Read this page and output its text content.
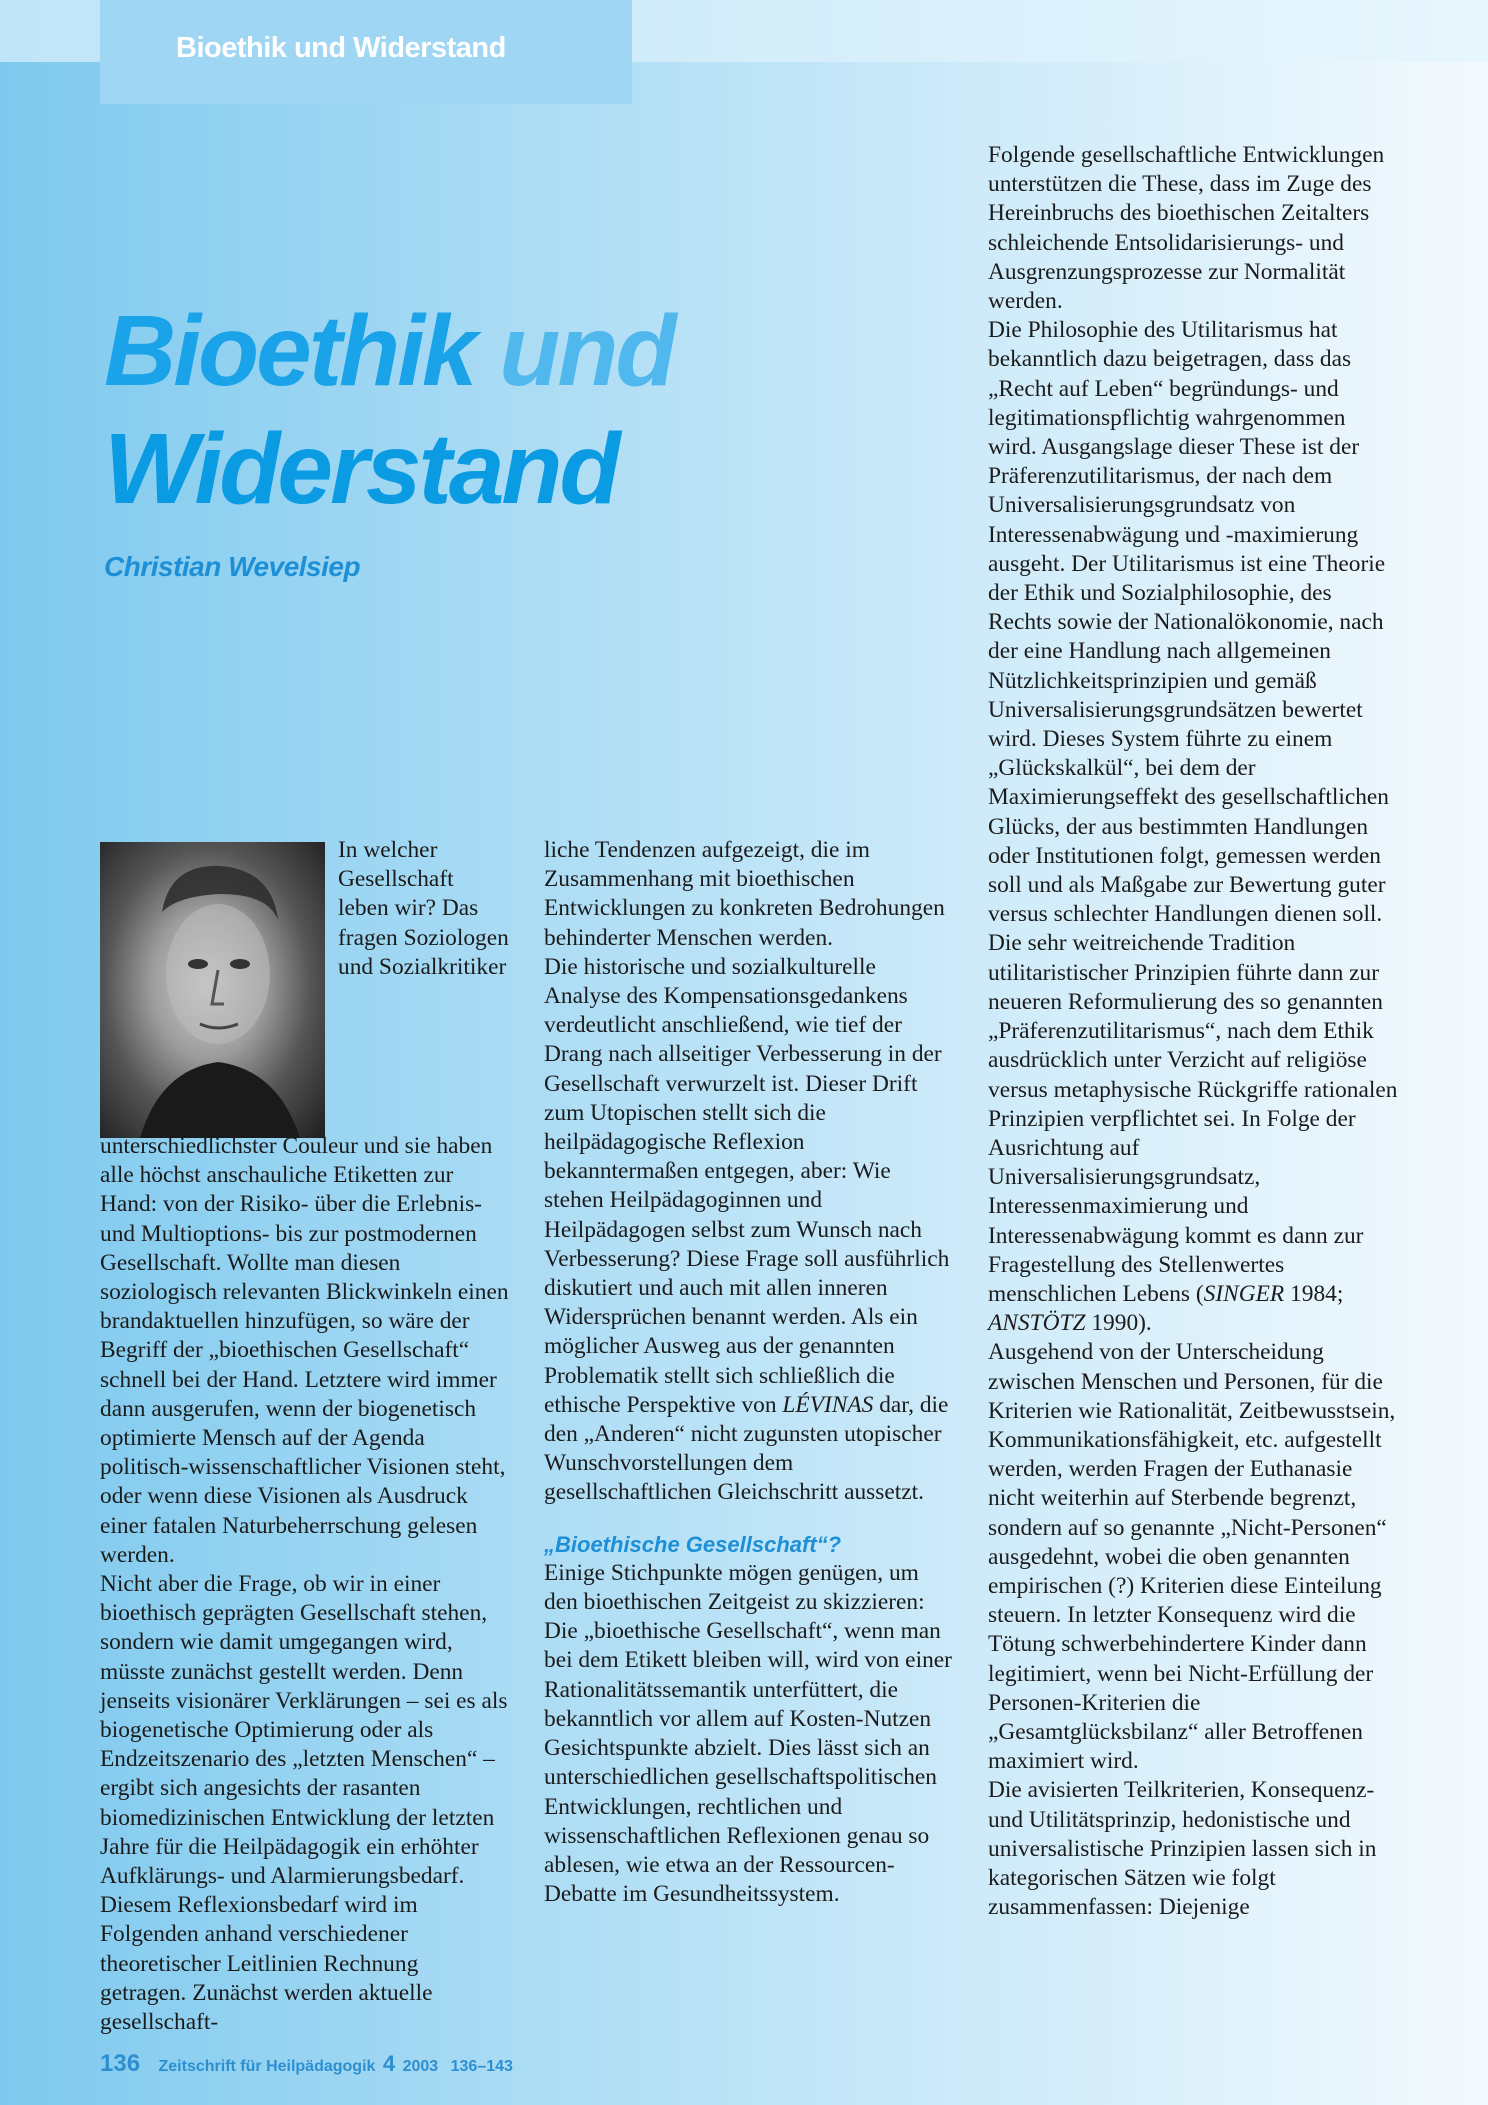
Bioethik und Widerstand
Bioethik und
Widerstand
Christian Wevelsiep

In welcher Gesellschaft leben wir? Das fragen Soziologen und Sozialkritiker unterschiedlichster Couleur und sie haben alle höchst anschauliche Etiketten zur Hand: von der Risiko- über die Erlebnis- und Multioptions- bis zur postmodernen Gesellschaft. Wollte man diesen soziologisch relevanten Blickwinkeln einen brandaktuellen hinzufügen, so wäre der Begriff der „bioethischen Gesellschaft“ schnell bei der Hand. Letztere wird immer dann ausgerufen, wenn der biogenetisch optimierte Mensch auf der Agenda politisch-wissenschaftlicher Visionen steht, oder wenn diese Visionen als Ausdruck einer fatalen Naturbeherrschung gelesen werden.

Nicht aber die Frage, ob wir in einer bioethisch geprägten Gesellschaft stehen, sondern wie damit umgegangen wird, müsste zunächst gestellt werden. Denn jenseits visionärer Verklärungen – sei es als biogenetische Optimierung oder als Endzeitszenario des „letzten Menschen“ – ergibt sich angesichts der rasanten biomedizinischen Entwicklung der letzten Jahre für die Heilpädagogik ein erhöhter Aufklärungs- und Alarmierungsbedarf.

Diesem Reflexionsbedarf wird im Folgenden anhand verschiedener theoretischer Leitlinien Rechnung getragen. Zunächst werden aktuelle gesellschaft-

liche Tendenzen aufgezeigt, die im Zusammenhang mit bioethischen Entwicklungen zu konkreten Bedrohungen behinderter Menschen werden.

Die historische und sozialkulturelle Analyse des Kompensationsgedankens verdeutlicht anschließend, wie tief der Drang nach allseitiger Verbesserung in der Gesellschaft verwurzelt ist. Dieser Drift zum Utopischen stellt sich die heilpädagogische Reflexion bekanntermaßen entgegen, aber: Wie stehen Heilpädagoginnen und Heilpädagogen selbst zum Wunsch nach Verbesserung? Diese Frage soll ausführlich diskutiert und auch mit allen inneren Widersprüchen benannt werden. Als ein möglicher Ausweg aus der genannten Problematik stellt sich schließlich die ethische Perspektive von LÉVINAS dar, die den „Anderen“ nicht zugunsten utopischer Wunschvorstellungen dem gesellschaftlichen Gleichschritt aussetzt.

„Bioethische Gesellschaft“?

Einige Stichpunkte mögen genügen, um den bioethischen Zeitgeist zu skizzieren:

Die „bioethische Gesellschaft“, wenn man bei dem Etikett bleiben will, wird von einer Rationalitätssemantik unterfüttert, die bekanntlich vor allem auf Kosten-Nutzen Gesichtspunkte abzielt. Dies lässt sich an unterschiedlichen gesellschaftspolitischen Entwicklungen, rechtlichen und wissenschaftlichen Reflexionen genau so ablesen, wie etwa an der Ressourcen-Debatte im Gesundheitssystem.

Folgende gesellschaftliche Entwicklungen unterstützen die These, dass im Zuge des Hereinbruchs des bioethischen Zeitalters schleichende Entsolidarisierungs- und Ausgrenzungsprozesse zur Normalität werden.

Die Philosophie des Utilitarismus hat bekanntlich dazu beigetragen, dass das „Recht auf Leben“ begründungs- und legitimationspflichtig wahrgenommen wird. Ausgangslage dieser These ist der Präferenzutilitarismus, der nach dem Universalisierungsgrundsatz von Interessenabwägung und -maximierung ausgeht. Der Utilitarismus ist eine Theorie der Ethik und Sozialphilosophie, des Rechts sowie der Nationalökonomie, nach der eine Handlung nach allgemeinen Nützlichkeitsprinzipien und gemäß Universalisierungsgrundsätzen bewertet wird. Dieses System führte zu einem „Glückskalkül“, bei dem der Maximierungseffekt des gesellschaftlichen Glücks, der aus bestimmten Handlungen oder Institutionen folgt, gemessen werden soll und als Maßgabe zur Bewertung guter versus schlechter Handlungen dienen soll.

Die sehr weitreichende Tradition utilitaristischer Prinzipien führte dann zur neueren Reformulierung des so genannten „Präferenzutilitarismus“, nach dem Ethik ausdrücklich unter Verzicht auf religiöse versus metaphysische Rückgriffe rationalen Prinzipien verpflichtet sei. In Folge der Ausrichtung auf Universalisierungsgrundsatz, Interessenmaximierung und Interessenabwägung kommt es dann zur Fragestellung des Stellenwertes menschlichen Lebens (SINGER 1984; ANSTÖTZ 1990).

Ausgehend von der Unterscheidung zwischen Menschen und Personen, für die Kriterien wie Rationalität, Zeitbewusstsein, Kommunikationsfähigkeit, etc. aufgestellt werden, werden Fragen der Euthanasie nicht weiterhin auf Sterbende begrenzt, sondern auf so genannte „Nicht-Personen“ ausgedehnt, wobei die oben genannten empirischen (?) Kriterien diese Einteilung steuern. In letzter Konsequenz wird die Tötung schwerbehindertere Kinder dann legitimiert, wenn bei Nicht-Erfüllung der Personen-Kriterien die „Gesamtglücksbilanz“ aller Betroffenen maximiert wird.

Die avisierten Teilkriterien, Konsequenz- und Utilitätsprinzip, hedonistische und universalistische Prinzipien lassen sich in kategorischen Sätzen wie folgt zusammenfassen: Diejenige

136 Zeitschrift für Heilpädagogik 4 2003 136–143
